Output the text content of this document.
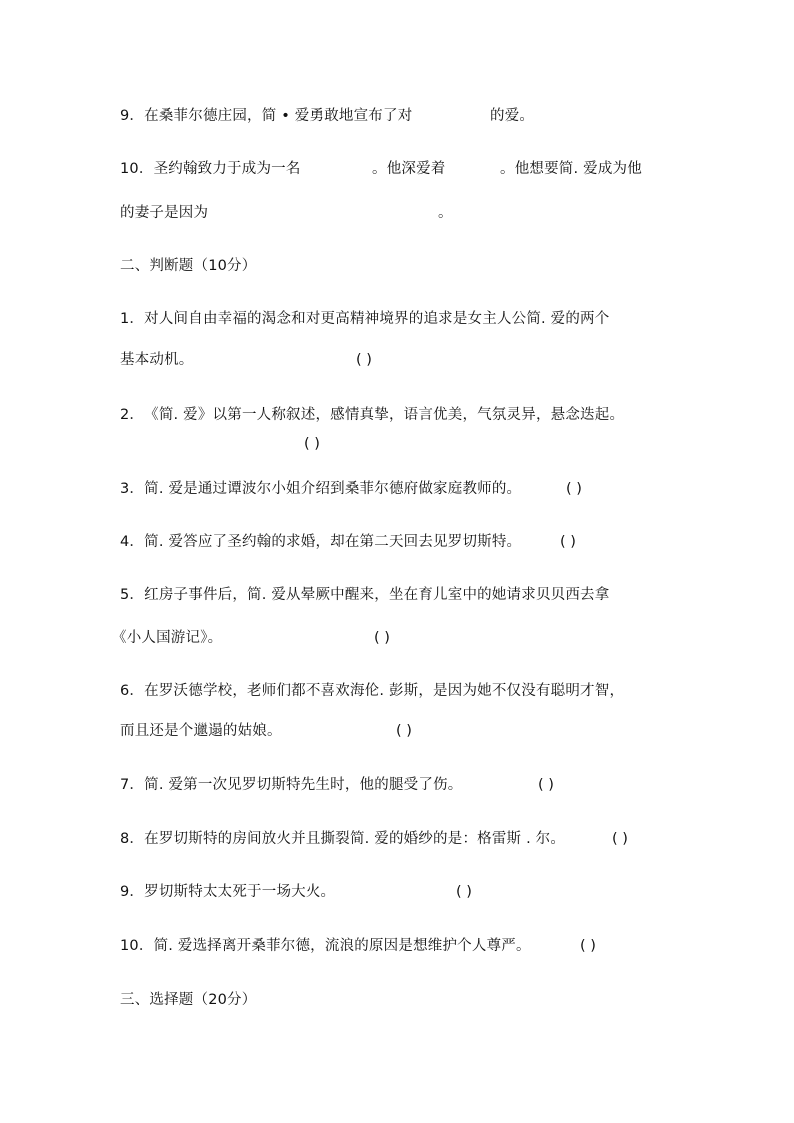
9．在桑菲尔德庄园，简 • 爱勇敢地宣布了对	的爱。
10．圣约翰致力于成为一名	。他深爱着	。他想要简. 爱成为他
的妻子是因为	。
二、判断题（10分）
1．对人间自由幸福的渴念和对更高精神境界的追求是女主人公简. 爱的两个
基本动机。	( )
2．《简. 爱》以第一人称叙述，感情真挚，语言优美，气氛灵异，悬念迭起。
( )
3．简. 爱是通过谭波尔小姐介绍到桑菲尔德府做家庭教师的。	( )
4．简. 爱答应了圣约翰的求婚，却在第二天回去见罗切斯特。	( )
5．红房子事件后，简. 爱从晕厥中醒来，坐在育儿室中的她请求贝贝西去拿
《小人国游记》。	( )
6．在罗沃德学校，老师们都不喜欢海伦. 彭斯，是因为她不仅没有聪明才智，
而且还是个邋遢的姑娘。	( )
7．简. 爱第一次见罗切斯特先生时，他的腿受了伤。	( )
8．在罗切斯特的房间放火并且撕裂简. 爱的婚纱的是：格雷斯 . 尔。	( )
9．罗切斯特太太死于一场大火。	( )
10．简. 爱选择离开桑菲尔德，流浪的原因是想维护个人尊严。	( )
三、选择题（20分）
